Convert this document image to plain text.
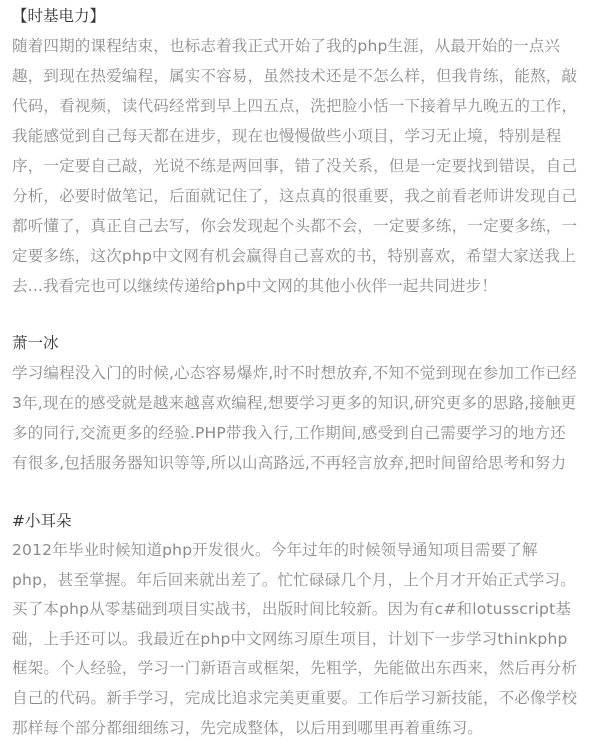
【时基电力】
随着四期的课程结束，也标志着我正式开始了我的php生涯，从最开始的一点兴
趣，到现在热爱编程，属实不容易，虽然技术还是不怎么样，但我肯练，能熬，敲
代码，看视频，读代码经常到早上四五点，洗把脸小恬一下接着早九晚五的工作，
我能感觉到自己每天都在进步，现在也慢慢做些小项目，学习无止境，特别是程
序，一定要自己敲，光说不练是两回事，错了没关系，但是一定要找到错误，自己
分析，必要时做笔记，后面就记住了，这点真的很重要，我之前看老师讲发现自己
都听懂了，真正自己去写，你会发现起个头都不会，一定要多练，一定要多练，一
定要多练，这次php中文网有机会赢得自己喜欢的书，特别喜欢，希望大家送我上
去...我看完也可以继续传递给php中文网的其他小伙伴一起共同进步！
萧一冰
学习编程没入门的时候,心态容易爆炸,时不时想放弃,不知不觉到现在参加工作已经
3年,现在的感受就是越来越喜欢编程,想要学习更多的知识,研究更多的思路,接触更
多的同行,交流更多的经验.PHP带我入行,工作期间,感受到自己需要学习的地方还
有很多,包括服务器知识等等,所以山高路远,不再轻言放弃,把时间留给思考和努力
#小耳朵
2012年毕业时候知道php开发很火。今年过年的时候领导通知项目需要了解
php，甚至掌握。年后回来就出差了。忙忙碌碌几个月，上个月才开始正式学习。
买了本php从零基础到项目实战书，出版时间比较新。因为有c#和lotusscript基
础，上手还可以。我最近在php中文网练习原生项目，计划下一步学习thinkphp
框架。个人经验，学习一门新语言或框架，先粗学，先能做出东西来，然后再分析
自己的代码。新手学习，完成比追求完美更重要。工作后学习新技能，不必像学校
那样每个部分都细细练习，先完成整体，以后用到哪里再着重练习。
